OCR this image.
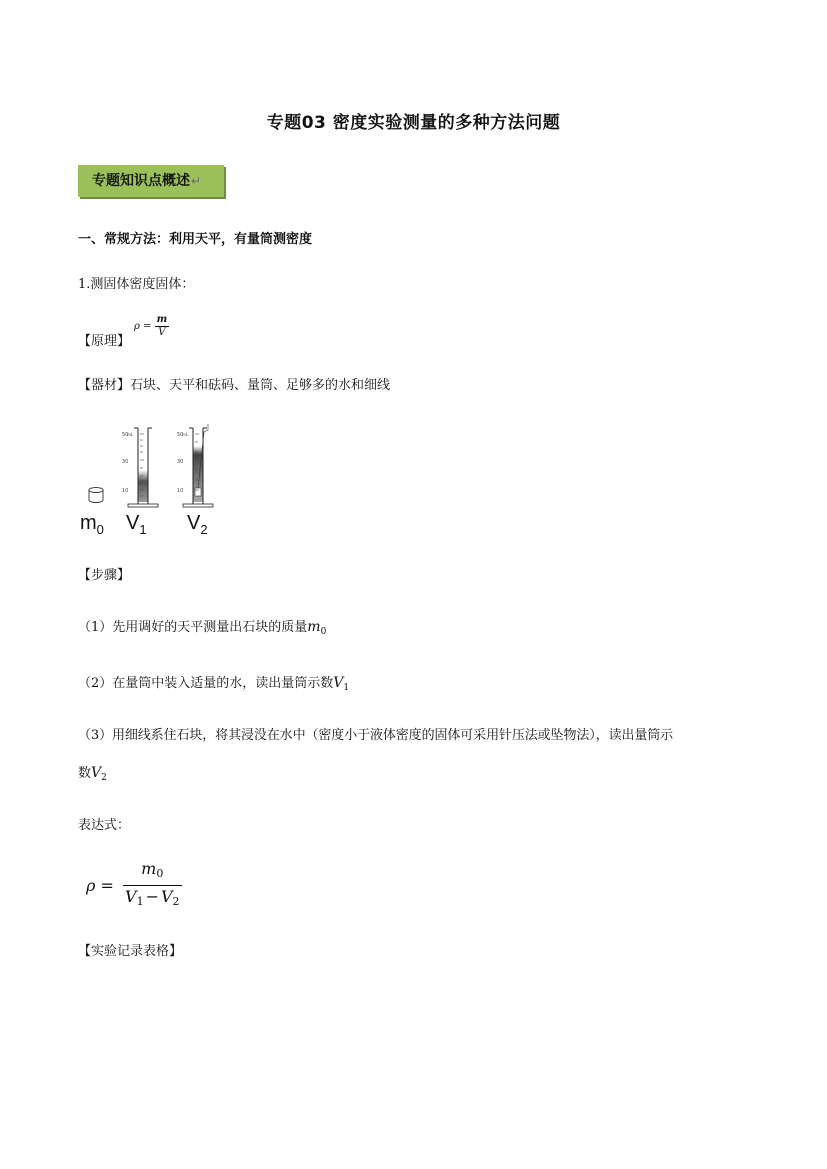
专题03 密度实验测量的多种方法问题
专题知识点概述↵
一、常规方法：利用天平，有量筒测密度
1.测固体密度固体：
【原理】
$\rho = \frac{m}{V}$
【器材】石块、天平和砝码、量筒、足够多的水和细线
50
30
10
mL	50
30
10
mL
$m_0$ $V_1$ $V_2$
【步骤】
（1）先用调好的天平测量出石块的质量$m_0$
（2）在量筒中装入适量的水，读出量筒示数$V_1$
（3）用细线系住石块，将其浸没在水中（密度小于液体密度的固体可采用针压法或坠物法），读出量筒示
数$V_2$
表达式：
$\rho = \frac{m_0}{V_1 - V_2}$
【实验记录表格】
